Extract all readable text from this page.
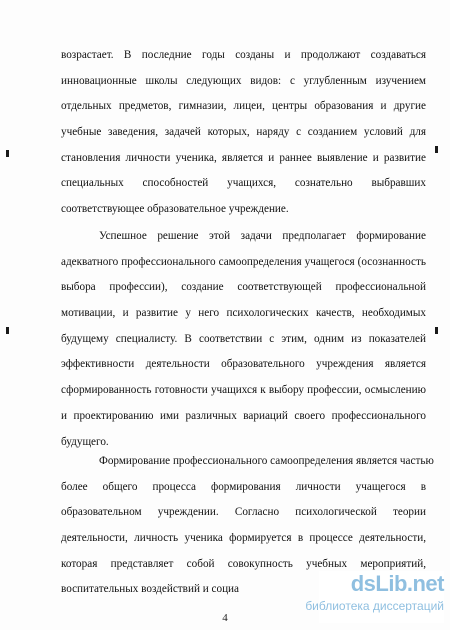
возрастает. В последние годы созданы и продолжают создаваться
инновационные школы следующих видов: с углубленным изучением
отдельных предметов, гимназии, лицеи, центры образования и другие
учебные заведения, задачей которых, наряду с созданием условий для
становления личности ученика, является и раннее выявление и развитие
специальных способностей учащихся, сознательно выбравших
соответствующее образовательное учреждение.
Успешное решение этой задачи предполагает формирование
адекватного профессионального самоопределения учащегося (осознанность
выбора профессии), создание соответствующей профессиональной
мотивации, и развитие у него психологических качеств, необходимых
будущему специалисту. В соответствии с этим, одним из показателей
эффективности деятельности образовательного учреждения является
сформированность готовности учащихся к выбору профессии, осмыслению
и проектированию ими различных вариаций своего профессионального
будущего.
Формирование профессионального самоопределения является частью
более общего процесса формирования личности учащегося в
образовательном учреждении. Согласно психологической теории
деятельности, личность ученика формируется в процессе деятельности,
которая представляет собой совокупность учебных мероприятий,
воспитательных воздействий и социа
4
dsLib.net
библиотека диссертаций
